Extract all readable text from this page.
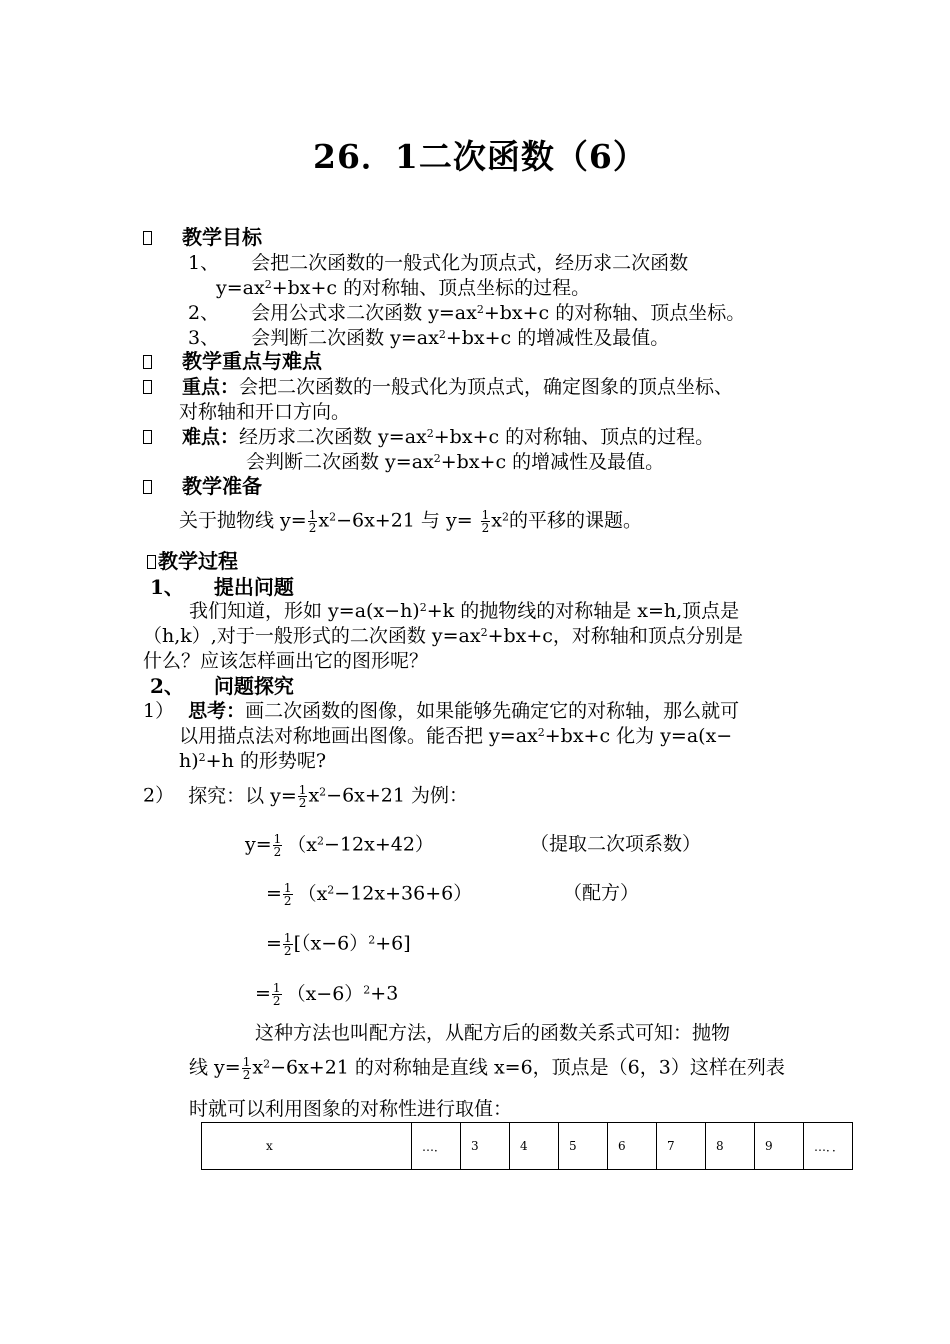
26．1二次函数（6）
教学目标
1、 会把二次函数的一般式化为顶点式，经历求二次函数
$y=ax^2+bx+c$ 的对称轴、顶点坐标的过程。
2、 会用公式求二次函数 $y=ax^2+bx+c$ 的对称轴、顶点坐标。
3、 会判断二次函数 $y=ax^2+bx+c$ 的增减性及最值。
教学重点与难点
重点：会把二次函数的一般式化为顶点式，确定图象的顶点坐标、
对称轴和开口方向。
难点：经历求二次函数 $y=ax^2+bx+c$ 的对称轴、顶点的过程。
会判断二次函数 $y=ax^2+bx+c$ 的增减性及最值。
教学准备
关于抛物线 $y= \frac{1}{2} x^2-6x+21$ 与 $y= \frac{1}{2} x^2$的平移的课题。
教学过程
1、 提出问题
我们知道，形如 $y=a(x-h)^2+k$ 的抛物线的对称轴是 x=h,顶点是
（h,k）,对于一般形式的二次函数 $y=ax^2+bx+c$，对称轴和顶点分别是
什么？应该怎样画出它的图形呢？
2、 问题探究
1） 思考：画二次函数的图像，如果能够先确定它的对称轴，那么就可
以用描点法对称地画出图像。能否把 $y=ax^2+bx+c$ 化为 y=a(x−
h)$^2$+h 的形势呢?
2） 探究：以 $y= \frac{1}{2} x^2-6x+21$ 为例：
$y= \frac{1}{2} (x^2-12x+42)$	（提取二次项系数）
= $\frac{1}{2} (x^2-12x+36+6)$	（配方）
= $\frac{1}{2} [(x-6)^2+6]$
= $\frac{1}{2} (x-6)^2+3$
这种方法也叫配方法，从配方后的函数关系式可知：抛物
线 $y= \frac{1}{2} x^2-6x+21$ 的对称轴是直线 x=6，顶点是（6，3）这样在列表
时就可以利用图象的对称性进行取值：
x	…．	3	4	5	6	7	8	9	…．．
